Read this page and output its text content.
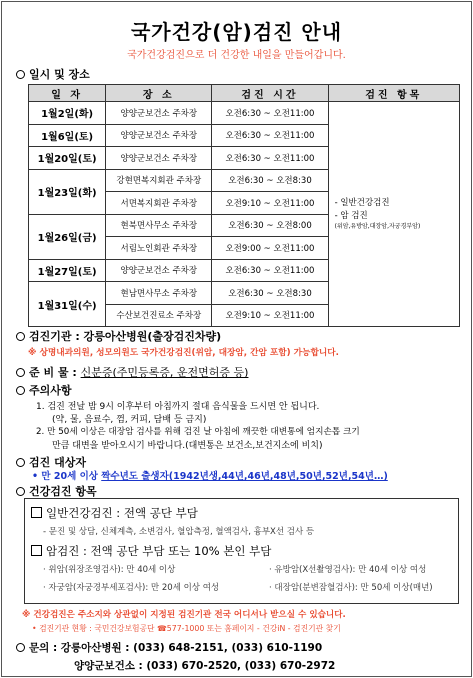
국가건강(암)검진 안내
국가건강검진으로 더 건강한 내일을 만들어갑니다.
일시 및 장소
일 자	장 소	검진 시간	검진 항목
1월2일(화)	양양군보건소 주차장	오전6:30 ~ 오전11:00	- 일반건강검진
- 암 검진
(위암,유방암,대장암,자궁경부암)

1월6일(토)	양양군보건소 주차장	오전6:30 ~ 오전11:00	
1월20일(토)	양양군보건소 주차장	오전6:30 ~ 오전11:00	
1월23일(화)	강현면복지회관 주차장	오전6:30 ~ 오전8:30	
	서면복지회관 주차장	오전9:10 ~ 오전11:00	
1월26일(금)	현북면사무소 주차장	오전6:30 ~ 오전8:00	
	서림노인회관 주차장	오전9:00 ~ 오전11:00	
1월27일(토)	양양군보건소 주차장	오전6:30 ~ 오전11:00	
1월31일(수)	현남면사무소 주차장	오전6:30 ~ 오전8:30	
	수산보건진료소 주차장	오전9:10 ~ 오전11:00	
검진기관 : 강릉아산병원(출장검진차량)
※ 상명내과의원, 성모의원도 국가건강검진(위암, 대장암, 간암 포함) 가능합니다.
준 비 물 : 신분증(주민등록증, 운전면허증 등)
주의사항
1. 검진 전날 밤 9시 이후부터 아침까지 절대 음식물을 드시면 안 됩니다.
(약, 물, 음료수, 껌, 커피, 담배 등 금지)
2. 만 50세 이상은 대장암 검사를 위해 검진 날 아침에 깨끗한 대변통에 엄지손톱 크기
만큼 대변을 받아오시기 바랍니다.(대변통은 보건소,보건지소에 비치)
검진 대상자
• 만 20세 이상 짝수년도 출생자(1942년생,44년,46년,48년,50년,52년,54년…)
건강검진 항목
일반건강검진 : 전액 공단 부담
- 문진 및 상담, 신체계측, 소변검사, 혈압측정, 혈액검사, 흉부X선 검사 등
암검진 : 전액 공단 부담 또는 10% 본인 부담
· 위암(위장조영검사): 만 40세 이상	· 유방암(X선촬영검사): 만 40세 이상 여성
· 자궁암(자궁경부세포검사): 만 20세 이상 여성	· 대장암(분변잠혈검사): 만 50세 이상(매년)
※ 건강검진은 주소지와 상관없이 지정된 검진기관 전국 어디서나 받으실 수 있습니다.
• 검진기관 현황 : 국민건강보험공단 ☎577-1000 또는 홈페이지 - 건강iN - 검진기관 찾기
문의 : 강릉아산병원 : (033) 648-2151, (033) 610-1190
양양군보건소 : (033) 670-2520, (033) 670-2972
